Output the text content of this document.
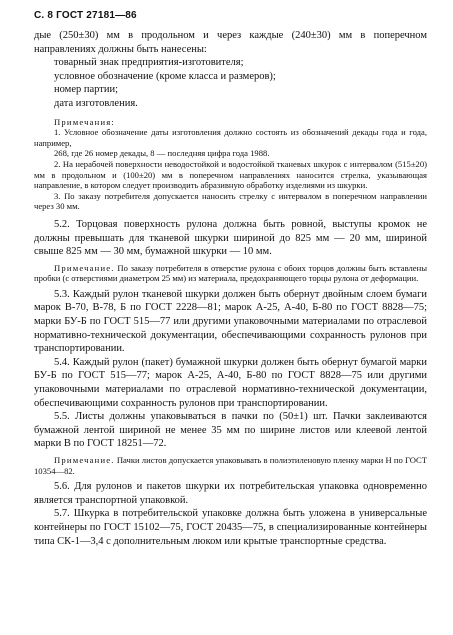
С. 8 ГОСТ 27181—86

дые (250±30) мм в продольном и через каждые (240±30) мм в поперечном направлениях должны быть нанесены:

товарный знак предприятия-изготовителя;

условное обозначение (кроме класса и размеров);

номер партии;

дата изготовления.

Примечания:

1. Условное обозначение даты изготовления должно состоять из обозначений декады года и года, например,

268, где 26 номер декады, 8 — последняя цифра года 1988.

2. На нерабочей поверхности неводостойкой и водостойкой тканевых шкурок с интервалом (515±20) мм в продольном и (100±20) мм в поперечном направлениях наносится стрелка, указывающая направление, в котором следует производить абразивную обработку изделиями из шкурки.

3. По заказу потребителя допускается наносить стрелку с интервалом в поперечном направлении через 30 мм.

5.2. Торцовая поверхность рулона должна быть ровной, выступы кромок не должны превышать для тканевой шкурки шириной до 825 мм — 20 мм, шириной свыше 825 мм — 30 мм, бумажной шкурки — 10 мм.

Примечание. По заказу потребителя в отверстие рулона с обоих торцов должны быть вставлены пробки (с отверстиями диаметром 25 мм) из материала, предохраняющего торцы рулона от деформации.

5.3. Каждый рулон тканевой шкурки должен быть обернут двойным слоем бумаги марок В-70, В-78, Б по ГОСТ 2228—81; марок А-25, А-40, Б-80 по ГОСТ 8828—75; марки БУ-Б по ГОСТ 515—77 или другими упаковочными материалами по отраслевой нормативно-технической документации, обеспечивающими сохранность рулонов при транспортировании.

5.4. Каждый рулон (пакет) бумажной шкурки должен быть обернут бумагой марки БУ-Б по ГОСТ 515—77; марок А-25, А-40, Б-80 по ГОСТ 8828—75 или другими упаковочными материалами по отраслевой нормативно-технической документации, обеспечивающими сохранность рулонов при транспортировании.

5.5. Листы должны упаковываться в пачки по (50±1) шт. Пачки заклеиваются бумажной лентой шириной не менее 35 мм по ширине листов или клеевой лентой марки В по ГОСТ 18251—72.

Примечание. Пачки листов допускается упаковывать в полиэтиленовую пленку марки Н по ГОСТ 10354—82.

5.6. Для рулонов и пакетов шкурки их потребительская упаковка одновременно является транспортной упаковкой.

5.7. Шкурка в потребительской упаковке должна быть уложена в универсальные контейнеры по ГОСТ 15102—75, ГОСТ 20435—75, в специализированные контейнеры типа СК-1—3,4 с дополнительным люком или крытые транспортные средства.
